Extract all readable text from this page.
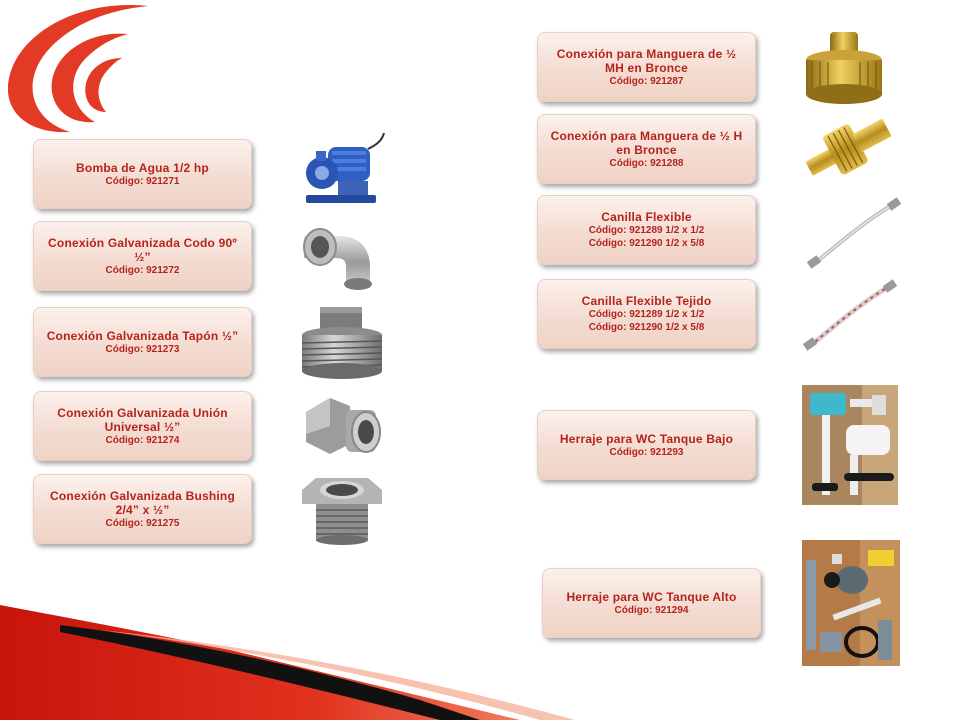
Bomba de Agua 1/2 hp
Código: 921271
Conexión Galvanizada Codo 90º ½”
Código: 921272
Conexión Galvanizada Tapón ½”
Código: 921273
Conexión Galvanizada Unión Universal ½”
Código: 921274
Conexión Galvanizada Bushing 2/4” x ½”
Código: 921275
Conexión para Manguera de ½ MH en Bronce
Código: 921287
Conexión para Manguera de ½ H en Bronce
Código: 921288
Canilla Flexible
Código: 921289 1/2 x 1/2
Código: 921290 1/2 x 5/8
Canilla Flexible Tejido
Código: 921289 1/2 x 1/2
Código: 921290 1/2 x 5/8
Herraje para WC Tanque Bajo
Código: 921293
Herraje para WC Tanque Alto
Código: 921294
